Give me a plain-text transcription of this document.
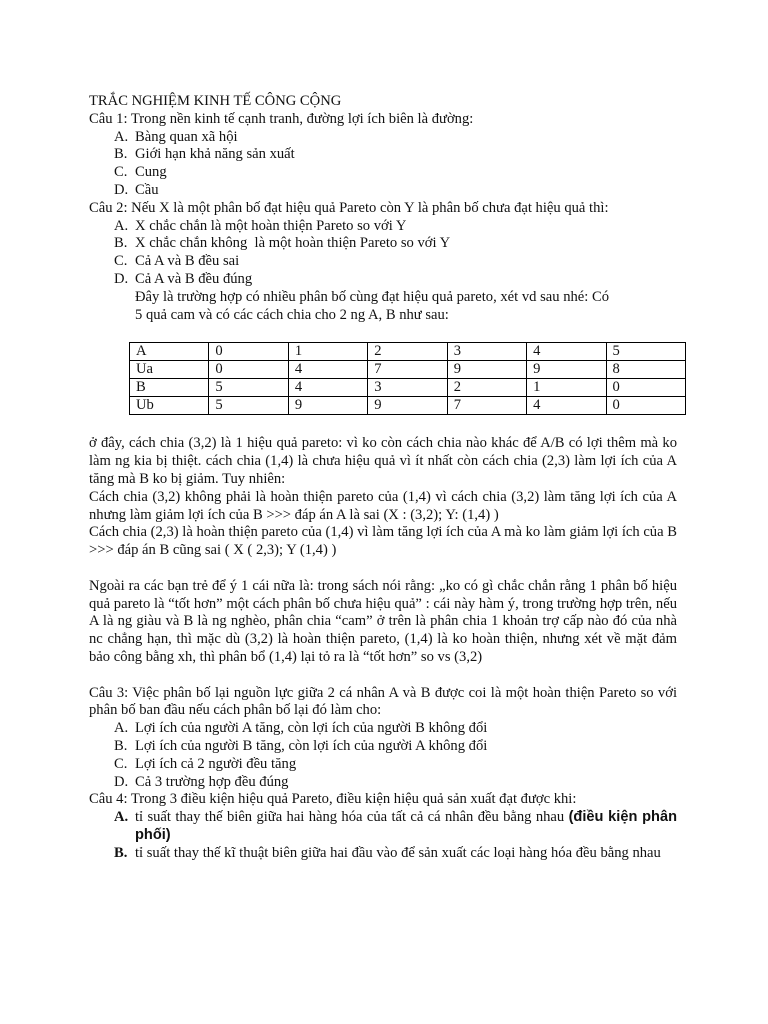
TRẮC NGHIỆM KINH TẾ CÔNG CỘNG
Câu 1: Trong nền kinh tế cạnh tranh, đường lợi ích biên là đường:
A. Bàng quan xã hội
B. Giới hạn khả năng sản xuất
C. Cung
D. Cầu
Câu 2: Nếu X là một phân bố đạt hiệu quả Pareto còn Y là phân bố chưa đạt hiệu quả thì:
A. X chắc chắn là một hoàn thiện Pareto so với Y
B. X chắc chắn không  là một hoàn thiện Pareto so với Y
C. Cả A và B đều sai
D. Cả A và B đều đúng
Đây là trường hợp có nhiều phân bố cùng đạt hiệu quả pareto, xét vd sau nhé: Có
5 quả cam và có các cách chia cho 2 ng A, B như sau:
A	0	1	2	3	4	5
Ua	0	4	7	9	9	8
B	5	4	3	2	1	0
Ub	5	9	9	7	4	0

ở đây, cách chia (3,2) là 1 hiệu quả pareto: vì ko còn cách chia nào khác để A/B có lợi thêm mà ko làm ng kia bị thiệt. cách chia (1,4) là chưa hiệu quả vì ít nhất còn cách chia (2,3) làm lợi ích của A tăng mà B ko bị giảm. Tuy nhiên:

Cách chia (3,2) không phải là hoàn thiện pareto của (1,4) vì cách chia (3,2) làm tăng lợi ích của A nhưng làm giảm lợi ích của B >>> đáp án A là sai (X : (3,2); Y: (1,4) )

Cách chia (2,3) là hoàn thiện pareto của (1,4) vì làm tăng lợi ích của A mà ko làm giảm lợi ích của B >>> đáp án B cũng sai ( X ( 2,3); Y (1,4) )

Ngoài ra các bạn trẻ để ý 1 cái nữa là: trong sách nói rằng: „ko có gì chắc chắn rằng 1 phân bố hiệu quả pareto là “tốt hơn” một cách phân bố chưa hiệu quả” : cái này hàm ý, trong trường hợp trên, nếu A là ng giàu và B là ng nghèo, phân chia “cam” ở trên là phân chia 1 khoản trợ cấp nào đó của nhà nc chẳng hạn, thì mặc dù (3,2) là hoàn thiện pareto, (1,4) là ko hoàn thiện, nhưng xét về mặt đảm bảo công bằng xh, thì phân bổ (1,4) lại tỏ ra là “tốt hơn” so vs (3,2)

Câu 3: Việc phân bố lại nguồn lực giữa 2 cá nhân A và B được coi là một hoàn thiện Pareto so với phân bố ban đầu nếu cách phân bố lại đó làm cho:

A. Lợi ích của người A tăng, còn lợi ích của người B không đổi
B. Lợi ích của người B tăng, còn lợi ích của người A không đổi
C. Lợi ích cả 2 người đều tăng
D. Cả 3 trường hợp đều đúng
Câu 4: Trong 3 điều kiện hiệu quả Pareto, điều kiện hiệu quả sản xuất đạt được khi:
A. tỉ suất thay thế biên giữa hai hàng hóa của tất cả cá nhân đều bằng nhau (điều kiện phân phối)
B. tỉ suất thay thế kĩ thuật biên giữa hai đầu vào để sản xuất các loại hàng hóa đều bằng nhau
